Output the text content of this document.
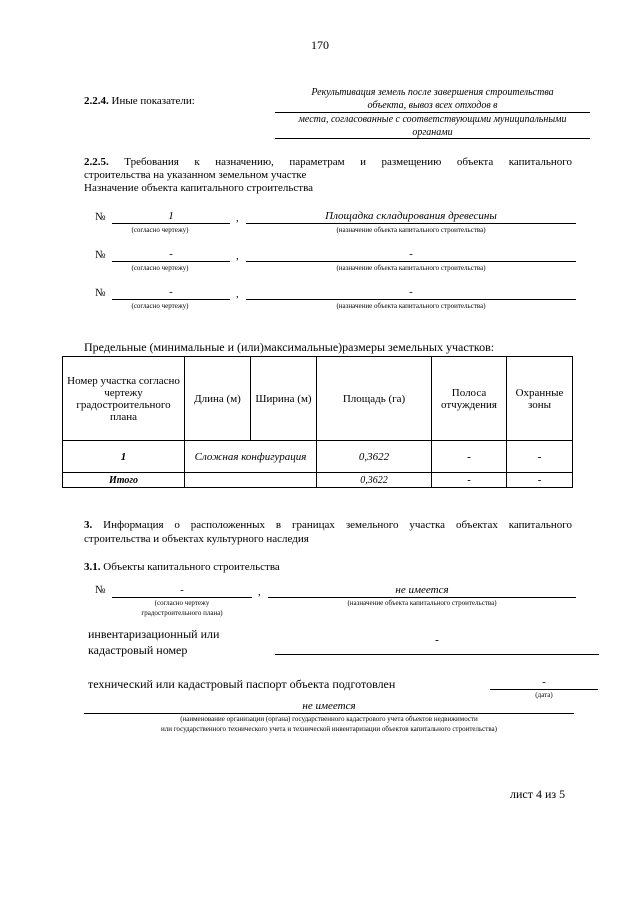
170
2.2.4. Иные показатели:
Рекультивация земель после завершения строительства
объекта, вывоз всех отходов в
места, согласованные с соответствующими муниципальными
органами
2.2.5. Требования к назначению, параметрам и размещению объекта капитального
строительства на указанном земельном участке
Назначение объекта капитального строительства
№	1	,	Площадка складирования древесины
(согласно чертежу)	(назначение объекта капитального строительства)
№	-	,	-
(согласно чертежу)	(назначение объекта капитального строительства)
№	-	,	-
(согласно чертежу)	(назначение объекта капитального строительства)
Предельные (минимальные и (или)максимальные)размеры земельных участков:
Номер участка согласно чертежу градостроительного плана	Длина (м)	Ширина (м)	Площадь (га)	Полоса отчуждения	Охранные зоны
1	Сложная конфигурация		0,3622	-	-
Итого			0,3622	-	-
3. Информация о расположенных в границах земельного участка объектах капитального
строительства и объектах культурного наследия
3.1. Объекты капитального строительства
№	-	,	не имеется
(согласно чертежу
градостроительного плана)
(назначение объекта капитального строительства)
инвентаризационный или
кадастровый номер
-
технический или кадастровый паспорт объекта подготовлен	-
(дата)
не имеется
(наименование организации (органа) государственного кадастрового учета объектов недвижимости
или государственного технического учета и технической инвентаризации объектов капитального строительства)
лист 4 из 5
